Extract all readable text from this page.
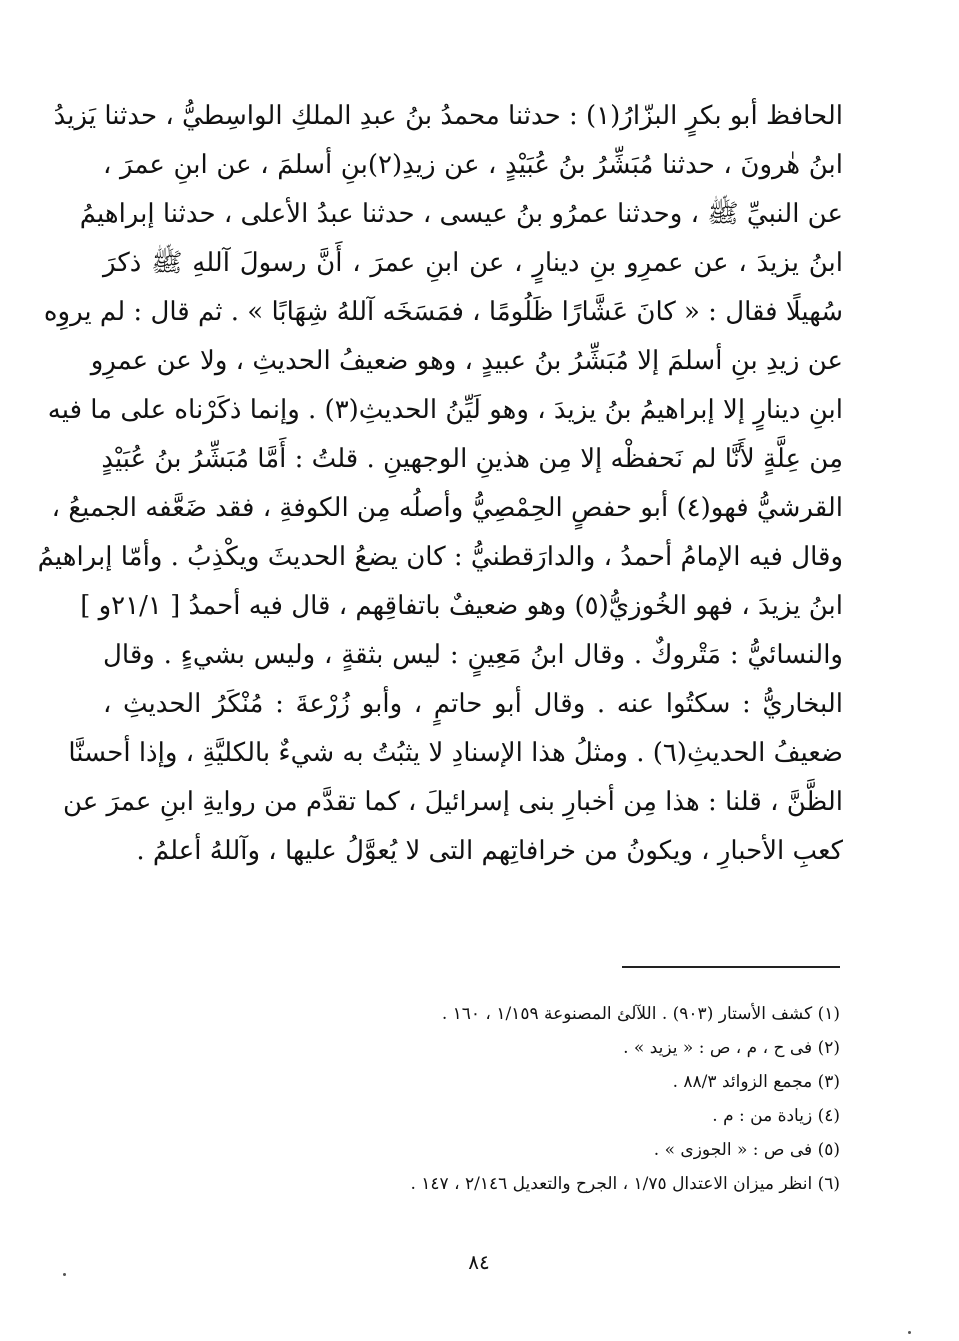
الحافظ أبو بكرٍ البزّارُ(١) : حدثنا محمدُ بنُ عبدِ الملكِ الواسِطيُّ ، حدثنا يَزيدُ
ابنُ هٰرونَ ، حدثنا مُبَشِّرُ بنُ عُبَيْدٍ ، عن زيدِ(٢)بنِ أسلمَ ، عن ابنِ عمرَ ،
عن النبيِّ ﷺ ، وحدثنا عمرُو بنُ عيسى ، حدثنا عبدُ الأعلى ، حدثنا إبراهيمُ
ابنُ يزيدَ ، عن عمرِو بنِ دينارٍ ، عن ابنِ عمرَ ، أَنَّ رسولَ آللهِ ﷺ ذكرَ
سُهيلًا فقال : « كانَ عَشَّارًا ظَلُومًا ، فمَسَخَه آللهُ شِهَابًا » . ثم قال : لم يروِه
عن زيدِ بنِ أسلمَ إلا مُبَشِّرُ بنُ عبيدٍ ، وهو ضعيفُ الحديثِ ، ولا عن عمرِو
ابنِ دينارٍ إلا إبراهيمُ بنُ يزيدَ ، وهو لَيِّنُ الحديثِ(٣) . وإنما ذكَرْناه على ما فيه
مِن عِلَّةٍ لأَنَّا لم نَحفظْه إلا مِن هذينِ الوجهينِ . قلتُ : أَمَّا مُبَشِّرُ بنُ عُبَيْدٍ
القرشيُّ فهو(٤) أبو حفصٍ الحِمْصِيُّ وأصلُه مِن الكوفةِ ، فقد ضَعَّفه الجميعُ ،
وقال فيه الإمامُ أحمدُ ، والدارَقطنيُّ : كان يضعُ الحديثَ ويكْذِبُ . وأمّا إبراهيمُ
ابنُ يزيدَ ، فهو الخُوزيُّ(٥) وهو ضعيفٌ باتفاقِهم ، قال فيه أحمدُ [ ٢١/١و ]
والنسائيُّ : مَتْروكٌ . وقال ابنُ مَعِينٍ : ليس بثقةٍ ، وليس بشيءٍ . وقال
البخاريُّ : سكتُوا عنه . وقال أبو حاتمٍ ، وأبو زُرْعةَ : مُنْكَرُ الحديثِ ،
ضعيفُ الحديثِ(٦) . ومثلُ هذا الإسنادِ لا يثبُتُ به شيءٌ بالكليَّةِ ، وإذا أحسنَّا
الظَّنَّ ، قلنا : هذا مِن أخبارِ بنى إسرائيلَ ، كما تقدَّم من روايةِ ابنِ عمرَ عن
كعبِ الأحبارِ ، ويكونُ من خرافاتِهم التى لا يُعوَّلُ عليها ، وآللهُ أعلمُ .
(١) كشف الأستار (٩٠٣) . اللآلئ المصنوعة ١/١٥٩ ، ١٦٠ .
(٢) فى ح ، م ، ص : « يزيد » .
(٣) مجمع الزوائد ٨٨/٣ .
(٤) زيادة من : م .
(٥) فى ص : « الجوزى » .
(٦) انظر ميزان الاعتدال ١/٧٥ ، الجرح والتعديل ٢/١٤٦ ، ١٤٧ .
٨٤
